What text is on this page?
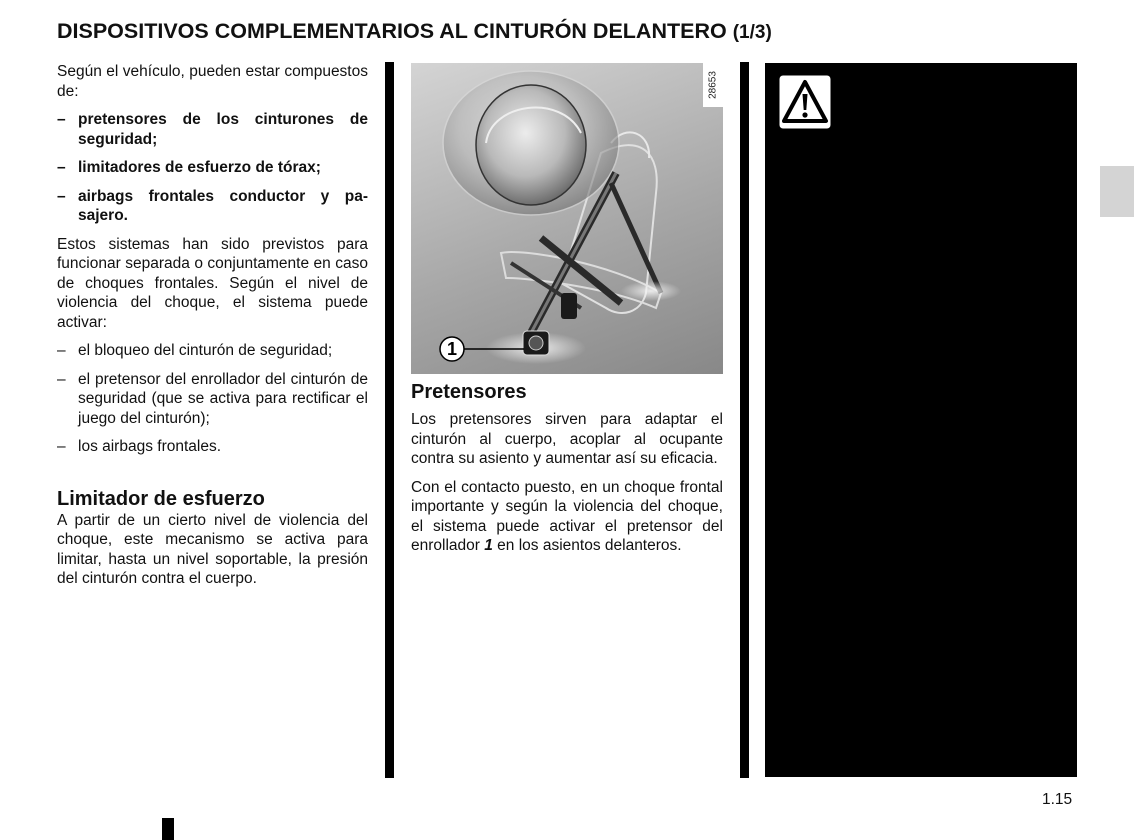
DISPOSITIVOS COMPLEMENTARIOS AL CINTURÓN DELANTERO (1/3)

Según el vehículo, pueden estar compuestos de:

– pretensores de los cinturones de seguridad;
– limitadores de esfuerzo de tórax;
– airbags frontales conductor y pasajero.

Estos sistemas han sido previstos para funcionar separada o conjuntamente en caso de choques frontales. Según el nivel de violencia del choque, el sistema puede activar:

– el bloqueo del cinturón de seguridad;
– el pretensor del enrollador del cinturón de seguridad (que se activa para rectificar el juego del cinturón);
– los airbags frontales.
Limitador de esfuerzo

A partir de un cierto nivel de violencia del choque, este mecanismo se activa para limitar, hasta un nivel soportable, la presión del cinturón contra el cuerpo.

1
28653
Pretensores

Los pretensores sirven para adaptar el cinturón al cuerpo, acoplar al ocupante contra su asiento y aumentar así su eficacia.

Con el contacto puesto, en un choque frontal importante y según la violencia del choque, el sistema puede activar el pretensor del enrollador 1 en los asientos delanteros.

1.15
